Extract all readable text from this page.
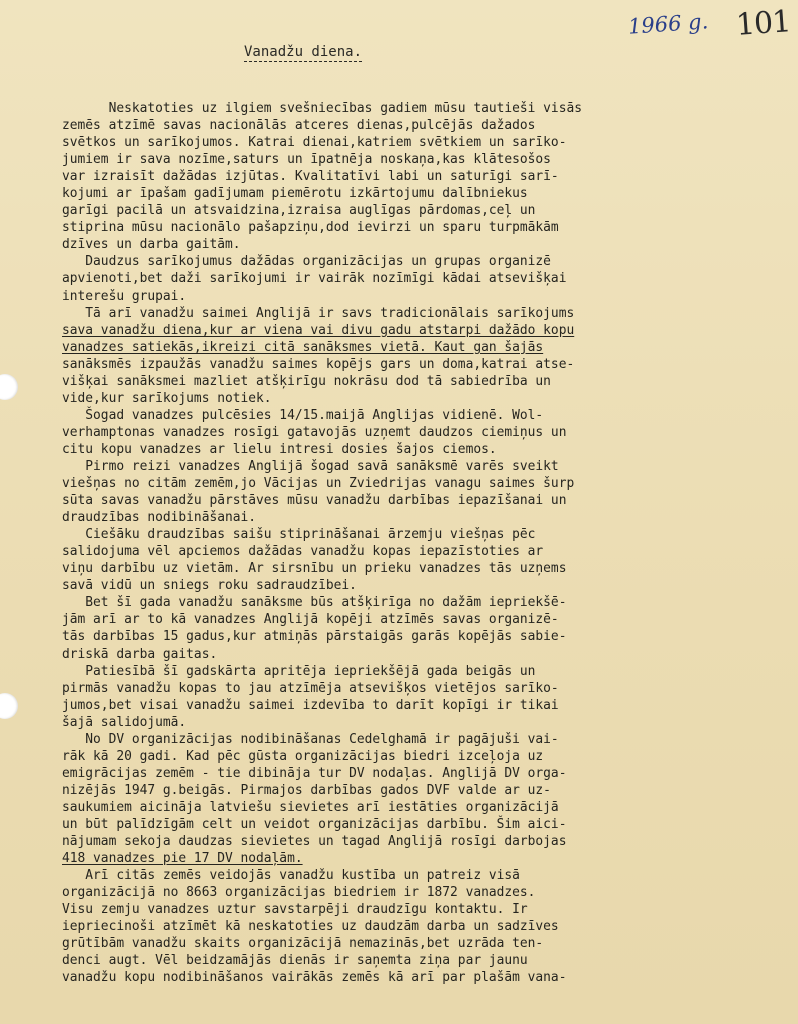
1966 g. 101
Vanadžu diena.
Neskatoties uz ilgiem svešniecības gadiem mūsu tautieši visās
zemēs atzīmē savas nacionālās atceres dienas,pulcējās dažados
svētkos un sarīkojumos. Katrai dienai,katriem svētkiem un sarīko-
jumiem ir sava nozīme,saturs un īpatnēja noskaņa,kas klātesošos
var izraisīt dažādas izjūtas. Kvalitatīvi labi un saturīgi sarī-
kojumi ar īpašam gadījumam piemērotu izkārtojumu dalībniekus
garīgi pacilā un atsvaidzina,izraisa auglīgas pārdomas,ceļ un
stiprina mūsu nacionālo pašapziņu,dod ievirzi un sparu turpmākām
dzīves un darba gaitām.
Daudzus sarīkojumus dažādas organizācijas un grupas organizē
apvienoti,bet daži sarīkojumi ir vairāk nozīmīgi kādai atsevišķai
interešu grupai.
Tā arī vanadžu saimei Anglijā ir savs tradicionālais sarīkojums
sava vanadžu diena,kur ar viena vai divu gadu atstarpi dažādo kopu
vanadzes satiekās,ikreizi citā sanāksmes vietā. Kaut gan šajās
sanāksmēs izpaužās vanadžu saimes kopējs gars un doma,katrai atse-
višķai sanāksmei mazliet atšķirīgu nokrāsu dod tā sabiedrība un
vide,kur sarīkojums notiek.
Šogad vanadzes pulcēsies 14/15.maijā Anglijas vidienē. Wol-
verhamptonas vanadzes rosīgi gatavojās uzņemt daudzos ciemiņus un
citu kopu vanadzes ar lielu intresi dosies šajos ciemos.
Pirmo reizi vanadzes Anglijā šogad savā sanāksmē varēs sveikt
viešņas no citām zemēm,jo Vācijas un Zviedrijas vanagu saimes šurp
sūta savas vanadžu pārstāves mūsu vanadžu darbības iepazīšanai un
draudzības nodibināšanai.
Ciešāku draudzības saišu stiprināšanai ārzemju viešņas pēc
salidojuma vēl apciemos dažādas vanadžu kopas iepazīstoties ar
viņu darbību uz vietām. Ar sirsnību un prieku vanadzes tās uzņems
savā vidū un sniegs roku sadraudzībei.
Bet šī gada vanadžu sanāksme būs atšķirīga no dažām iepriekšē-
jām arī ar to kā vanadzes Anglijā kopēji atzīmēs savas organizē-
tās darbības 15 gadus,kur atmiņās pārstaigās garās kopējās sabie-
driskā darba gaitas.
Patiesībā šī gadskārta apritēja iepriekšējā gada beigās un
pirmās vanadžu kopas to jau atzīmēja atsevišķos vietējos sarīko-
jumos,bet visai vanadžu saimei izdevība to darīt kopīgi ir tikai
šajā salidojumā.
No DV organizācijas nodibināšanas Cedelghamā ir pagājuši vai-
rāk kā 20 gadi. Kad pēc gūsta organizācijas biedri izceļoja uz
emigrācijas zemēm - tie dibināja tur DV nodaļas. Anglijā DV orga-
nizējās 1947 g.beigās. Pirmajos darbības gados DVF valde ar uz-
saukumiem aicināja latviešu sievietes arī iestāties organizācijā
un būt palīdzīgām celt un veidot organizācijas darbību. Šim aici-
nājumam sekoja daudzas sievietes un tagad Anglijā rosīgi darbojas
418 vanadzes pie 17 DV nodaļām.
Arī citās zemēs veidojās vanadžu kustība un patreiz visā
organizācijā no 8663 organizācijas biedriem ir 1872 vanadzes.
Visu zemju vanadzes uztur savstarpēji draudzīgu kontaktu. Ir
iepriecinoši atzīmēt kā neskatoties uz daudzām darba un sadzīves
grūtībām vanadžu skaits organizācijā nemazinās,bet uzrāda ten-
denci augt. Vēl beidzamājās dienās ir saņemta ziņa par jaunu
vanadžu kopu nodibināšanos vairākās zemēs kā arī par plašām vana-
